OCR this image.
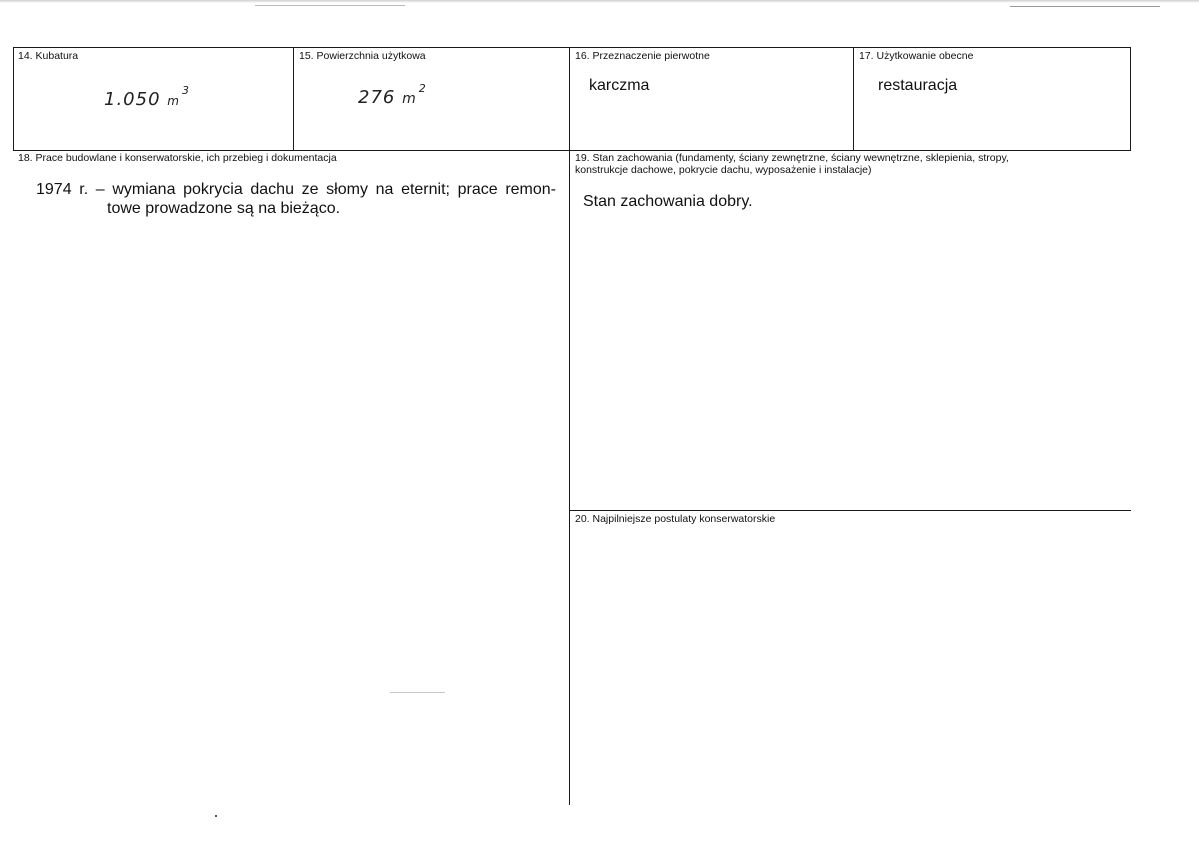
14. Kubatura
1.050 $m^3$
15. Powierzchnia użytkowa
276 $m^2$
16. Przeznaczenie pierwotne
karczma
17. Użytkowanie obecne
restauracja
18. Prace budowlane i konserwatorskie, ich przebieg i dokumentacja
1974 r. – wymiana pokrycia dachu ze słomy na eternit; prace remon-
towe prowadzone są na bieżąco.
19. Stan zachowania (fundamenty, ściany zewnętrzne, ściany wewnętrzne, sklepienia, stropy,
konstrukcje dachowe, pokrycie dachu, wyposażenie i instalacje)
Stan zachowania dobry.
20. Najpilniejsze postulaty konserwatorskie
